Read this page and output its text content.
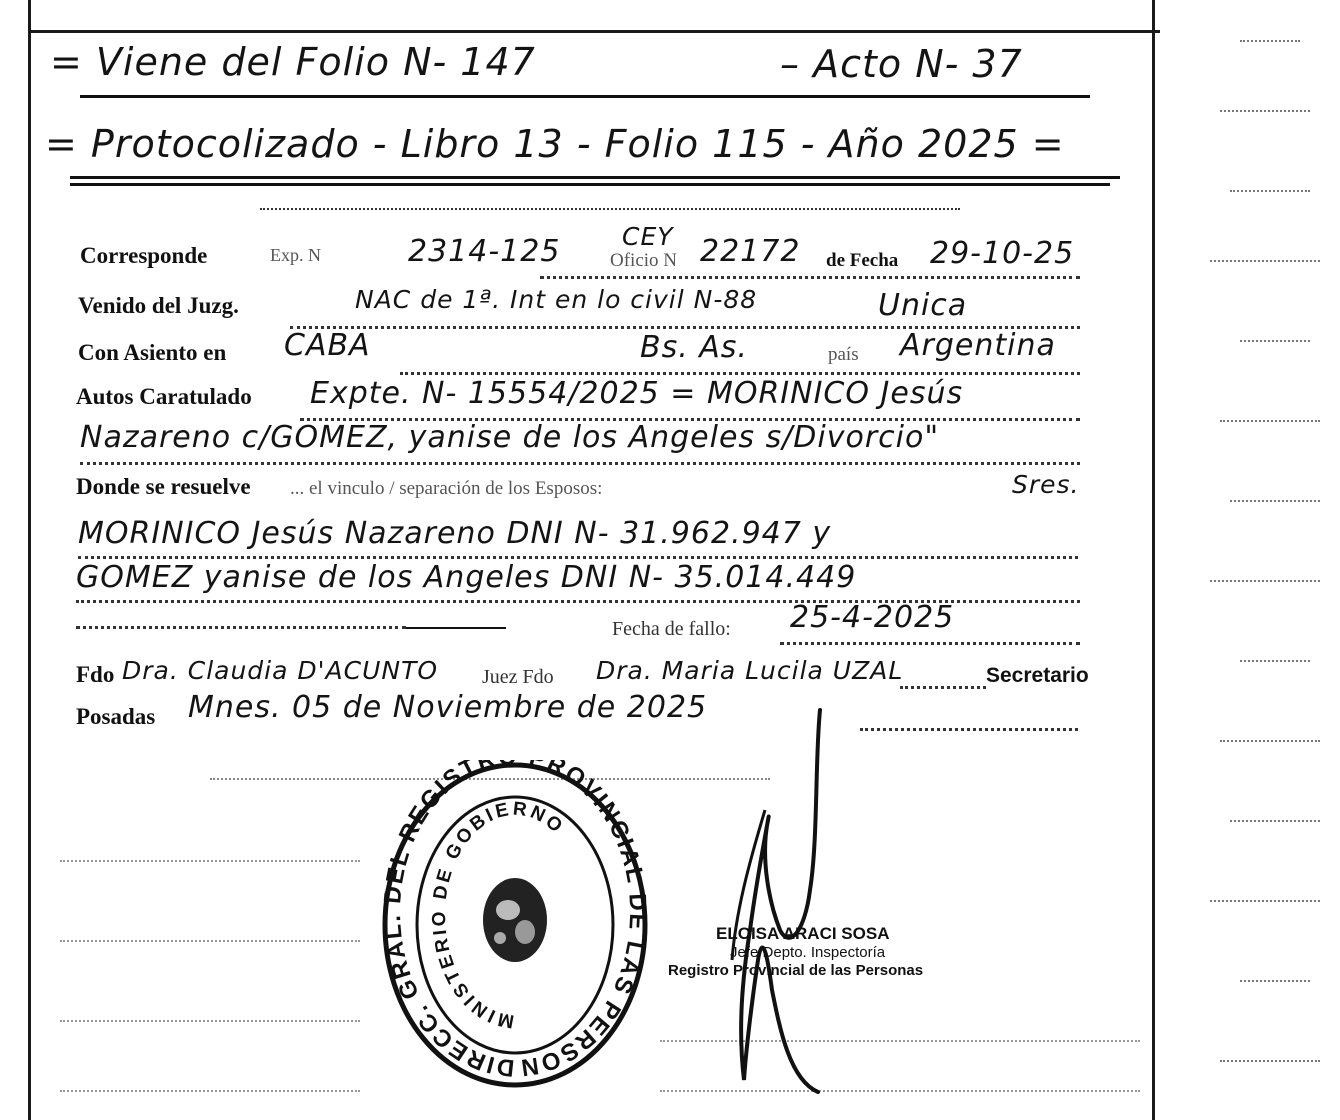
= Viene del Folio N- 147	– Acto N- 37
= Protocolizado - Libro 13 - Folio 115 - Año 2025 =
Corresponde	Exp. N	2314-125 CEY
Oficio N 22172 de Fecha 29-10-25
Venido del Juzg.	NAC de 1ª. Int en lo civil N-88	Unica
Con Asiento en CABA	Bs. As.	país Argentina
Autos Caratulado Expte. N- 15554/2025 = MORINICO Jesús
Nazareno c/GOMEZ, yanise de los Angeles s/Divorcio"
Donde se resuelve ... el vinculo / separación de los Esposos:	Sres.
MORINICO Jesús Nazareno DNI N- 31.962.947 y
GOMEZ yanise de los Angeles DNI N- 35.014.449
Fecha de fallo: 25-4-2025
Fdo Dra. Claudia D'ACUNTO Juez Fdo Dra. Maria Lucila UZAL	Secretario
Posadas Mnes. 05 de Noviembre de 2025
DIRECC. GRAL. DEL REGISTR ROVINCIAL DE LAS PERSON
MINISTERIO DE GOBIERNO
ELOISA ARACI SOSA
Jefe Depto. Inspectoría
Registro Provincial de las Personas
